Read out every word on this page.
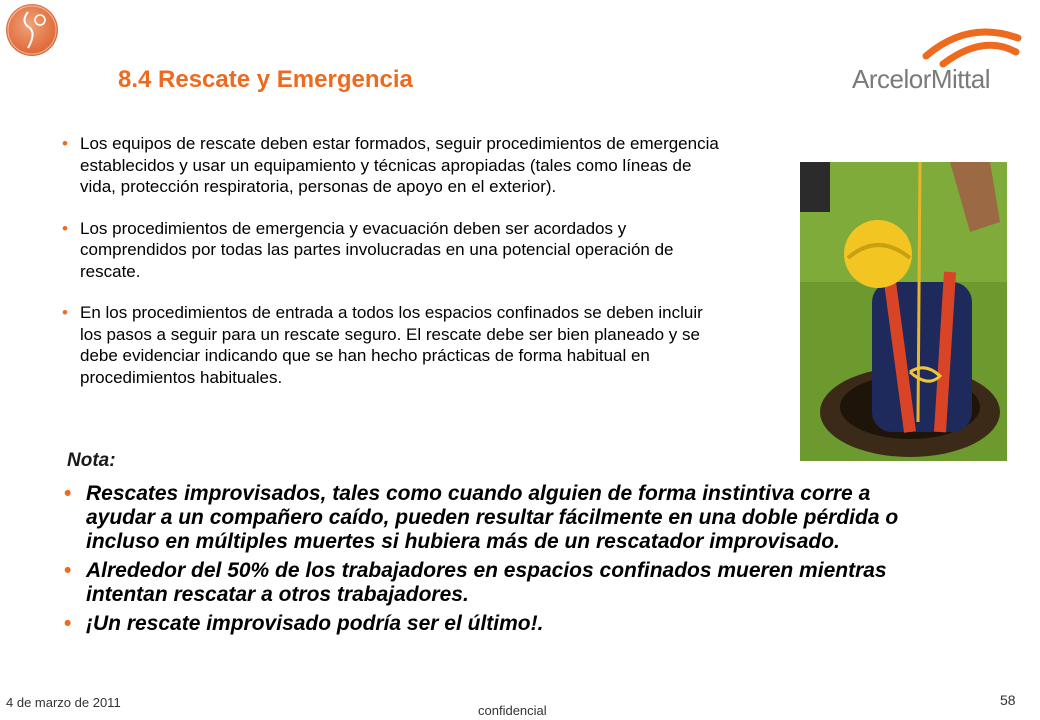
8.4 Rescate y Emergencia	ArcelorMittal
• Los equipos de rescate deben estar formados, seguir procedimientos de emergencia establecidos y usar un equipamiento y técnicas apropiadas (tales como líneas de vida, protección respiratoria, personas de apoyo en el exterior).
• Los procedimientos de emergencia y evacuación deben ser acordados y comprendidos por todas las partes involucradas en una potencial operación de rescate.
• En los procedimientos de entrada a todos los espacios confinados se deben incluir los pasos a seguir para un rescate seguro. El rescate debe ser bien planeado y se debe evidenciar indicando que se han hecho prácticas de forma habitual en procedimientos habituales.
Nota:
• Rescates improvisados, tales como cuando alguien de forma instintiva corre a ayudar a un compañero caído, pueden resultar fácilmente en una doble pérdida o incluso en múltiples muertes si hubiera más de un rescatador improvisado.
• Alrededor del 50% de los trabajadores en espacios confinados mueren mientras intentan rescatar a otros trabajadores.
• ¡Un rescate improvisado podría ser el último!.
4 de marzo de 2011
confidencial
58
